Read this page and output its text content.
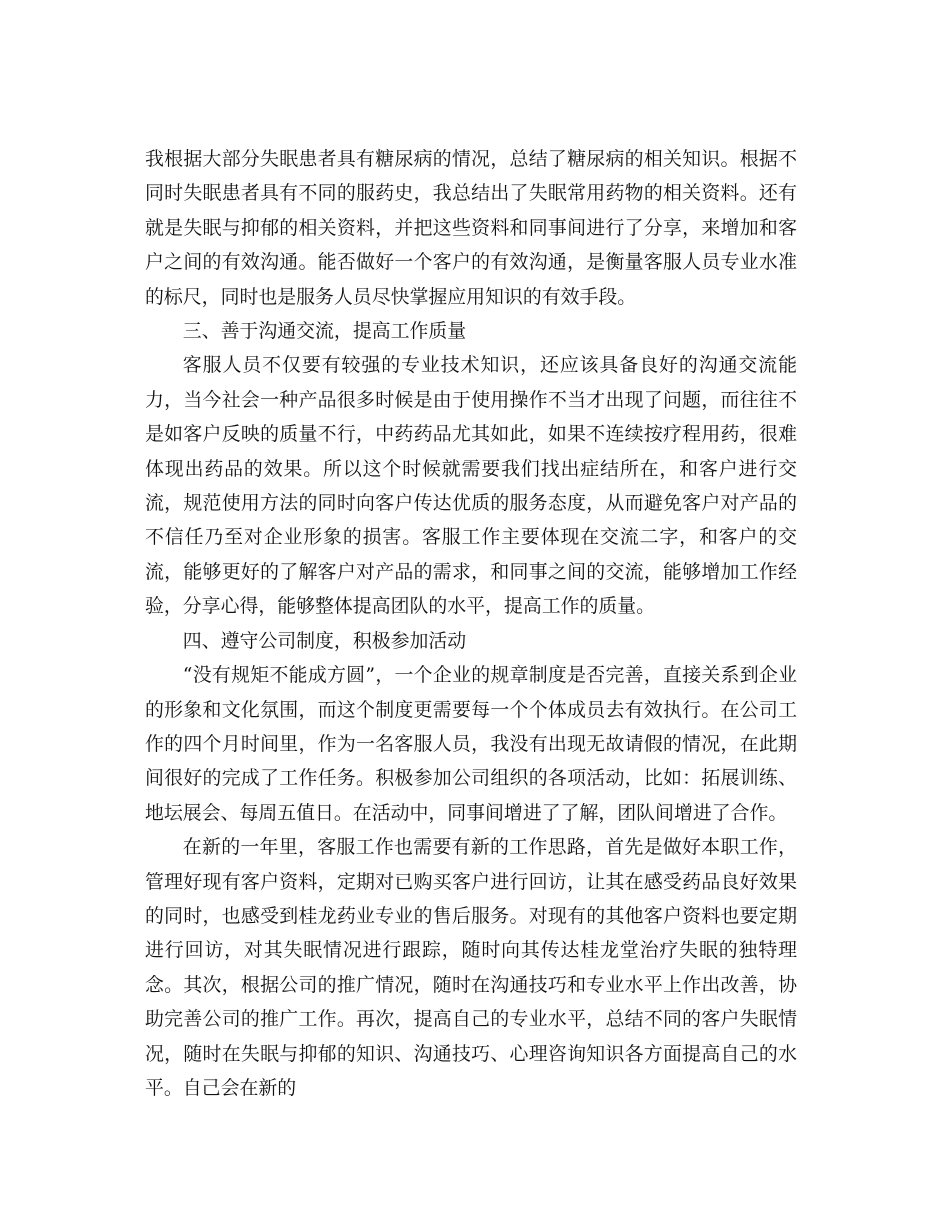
我根据大部分失眠患者具有糖尿病的情况，总结了糖尿病的相关知识。根据不同时失眠患者具有不同的服药史，我总结出了失眠常用药物的相关资料。还有就是失眠与抑郁的相关资料，并把这些资料和同事间进行了分享，来增加和客户之间的有效沟通。能否做好一个客户的有效沟通，是衡量客服人员专业水准的标尺，同时也是服务人员尽快掌握应用知识的有效手段。

三、善于沟通交流，提高工作质量

客服人员不仅要有较强的专业技术知识，还应该具备良好的沟通交流能力，当今社会一种产品很多时候是由于使用操作不当才出现了问题，而往往不是如客户反映的质量不行，中药药品尤其如此，如果不连续按疗程用药，很难体现出药品的效果。所以这个时候就需要我们找出症结所在，和客户进行交流，规范使用方法的同时向客户传达优质的服务态度，从而避免客户对产品的不信任乃至对企业形象的损害。客服工作主要体现在交流二字，和客户的交流，能够更好的了解客户对产品的需求，和同事之间的交流，能够增加工作经验，分享心得，能够整体提高团队的水平，提高工作的质量。

四、遵守公司制度，积极参加活动

“没有规矩不能成方圆”，一个企业的规章制度是否完善，直接关系到企业的形象和文化氛围，而这个制度更需要每一个个体成员去有效执行。在公司工作的四个月时间里，作为一名客服人员，我没有出现无故请假的情况，在此期间很好的完成了工作任务。积极参加公司组织的各项活动，比如：拓展训练、地坛展会、每周五值日。在活动中，同事间增进了了解，团队间增进了合作。

在新的一年里，客服工作也需要有新的工作思路，首先是做好本职工作，管理好现有客户资料，定期对已购买客户进行回访，让其在感受药品良好效果的同时，也感受到桂龙药业专业的售后服务。对现有的其他客户资料也要定期进行回访，对其失眠情况进行跟踪，随时向其传达桂龙堂治疗失眠的独特理念。其次，根据公司的推广情况，随时在沟通技巧和专业水平上作出改善，协助完善公司的推广工作。再次，提高自己的专业水平，总结不同的客户失眠情况，随时在失眠与抑郁的知识、沟通技巧、心理咨询知识各方面提高自己的水平。自己会在新的
